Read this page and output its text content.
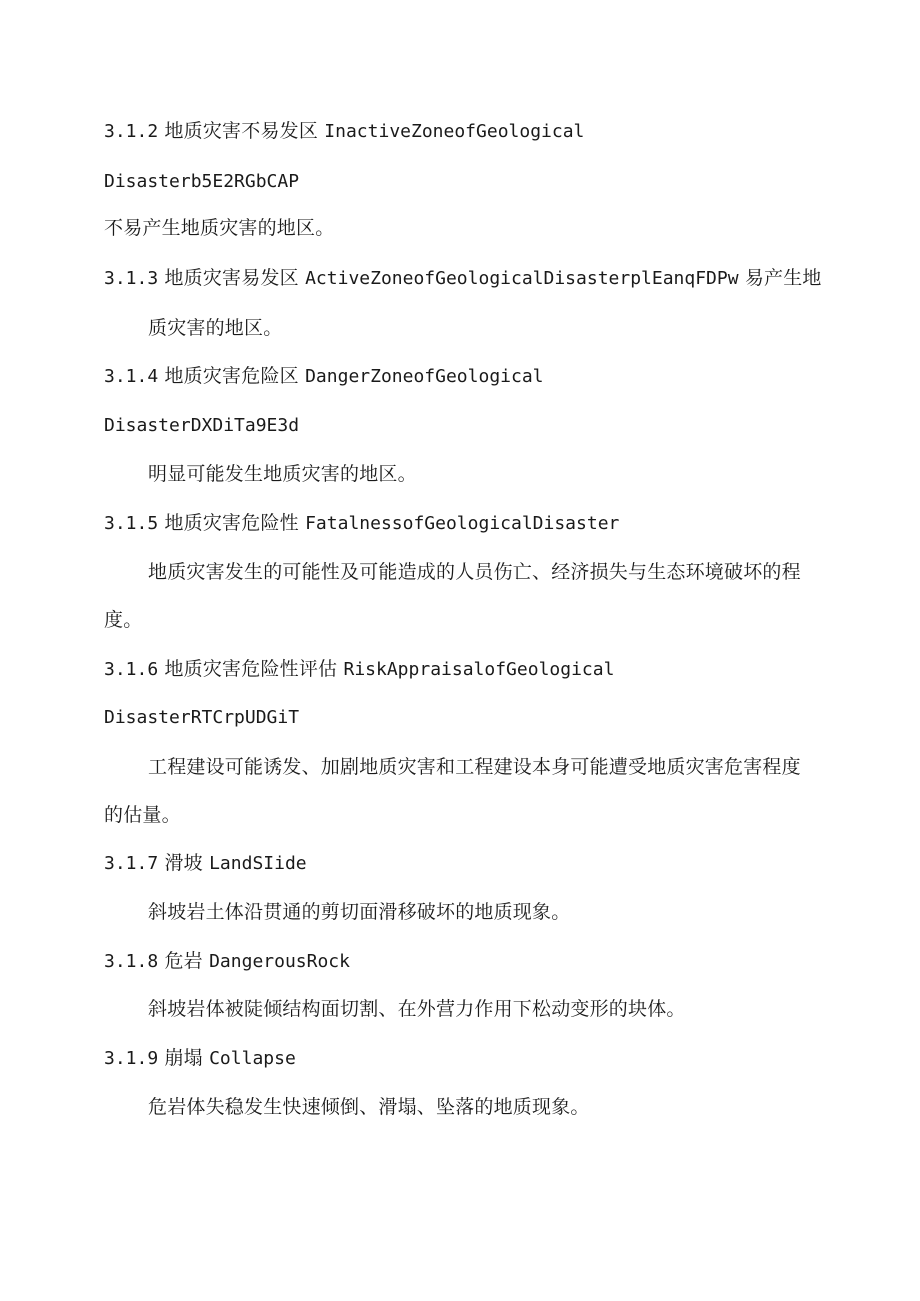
3.1.2 地质灾害不易发区 InactiveZoneofGeological
Disasterb5E2RGbCAP
不易产生地质灾害的地区。
3.1.3 地质灾害易发区 ActiveZoneofGeologicalDisasterplEanqFDPw 易产生地
质灾害的地区。
3.1.4 地质灾害危险区 DangerZoneofGeological
DisasterDXDiTa9E3d
明显可能发生地质灾害的地区。
3.1.5 地质灾害危险性 FatalnessofGeologicalDisaster
地质灾害发生的可能性及可能造成的人员伤亡、经济损失与生态环境破坏的程
度。
3.1.6 地质灾害危险性评估 RiskAppraisalofGeological
DisasterRTCrpUDGiT
工程建设可能诱发、加剧地质灾害和工程建设本身可能遭受地质灾害危害程度
的估量。
3.1.7 滑坡 LandSIide
斜坡岩土体沿贯通的剪切面滑移破坏的地质现象。
3.1.8 危岩 DangerousRock
斜坡岩体被陡倾结构面切割、在外营力作用下松动变形的块体。
3.1.9 崩塌 Collapse
危岩体失稳发生快速倾倒、滑塌、坠落的地质现象。
